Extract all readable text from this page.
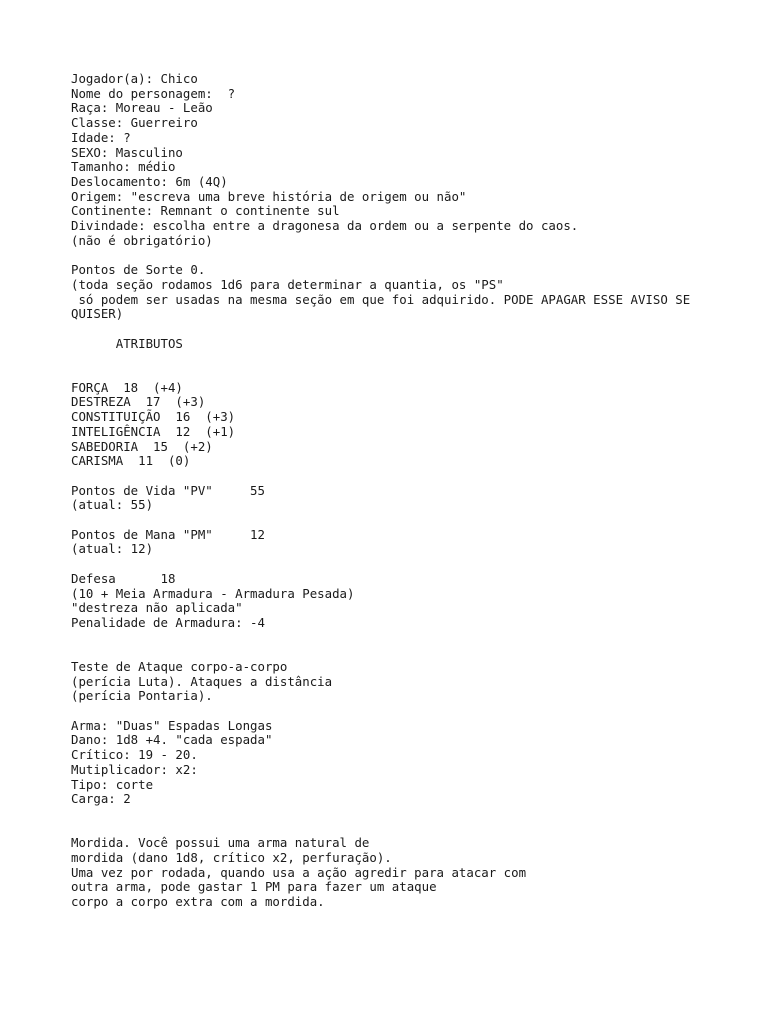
Jogador(a): Chico
Nome do personagem:  ?
Raça: Moreau - Leão
Classe: Guerreiro
Idade: ?
SEXO: Masculino
Tamanho: médio
Deslocamento: 6m (4Q)
Origem: "escreva uma breve história de origem ou não"
Continente: Remnant o continente sul
Divindade: escolha entre a dragonesa da ordem ou a serpente do caos.
(não é obrigatório)
Pontos de Sorte 0.
(toda seção rodamos 1d6 para determinar a quantia, os "PS"
só podem ser usadas na mesma seção em que foi adquirido. PODE APAGAR ESSE AVISO SE
QUISER)
ATRIBUTOS
FORÇA  18  (+4)
DESTREZA  17  (+3)
CONSTITUIÇÃO  16  (+3)
INTELIGÊNCIA  12  (+1)
SABEDORIA  15  (+2)
CARISMA  11  (0)
Pontos de Vida "PV"     55
(atual: 55)
Pontos de Mana "PM"     12
(atual: 12)
Defesa      18
(10 + Meia Armadura - Armadura Pesada)
"destreza não aplicada"
Penalidade de Armadura: -4
Teste de Ataque corpo-a-corpo
(perícia Luta). Ataques a distância
(perícia Pontaria).
Arma: "Duas" Espadas Longas
Dano: 1d8 +4. "cada espada"
Crítico: 19 - 20.
Mutiplicador: x2:
Tipo: corte
Carga: 2
Mordida. Você possui uma arma natural de
mordida (dano 1d8, crítico x2, perfuração).
Uma vez por rodada, quando usa a ação agredir para atacar com
outra arma, pode gastar 1 PM para fazer um ataque
corpo a corpo extra com a mordida.
